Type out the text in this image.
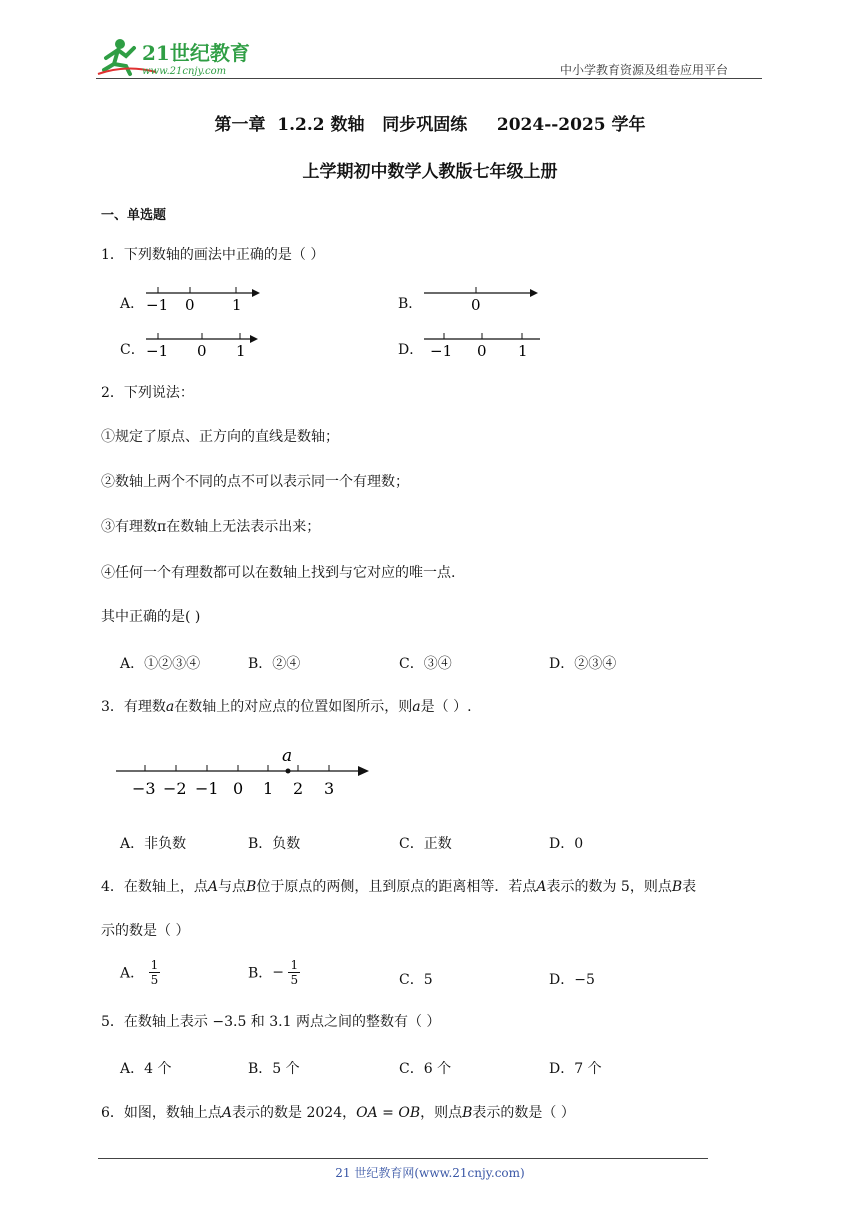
21世纪教育
www.21cnjy.com	中小学教育资源及组卷应用平台
第一章  1.2.2 数轴   同步巩固练     2024--2025 学年
上学期初中数学人教版七年级上册
一、单选题
1．下列数轴的画法中正确的是（ ）
A． −1 0 1	B．	0
C． −1 0 1	D． −1 0 1
2．下列说法：
①规定了原点、正方向的直线是数轴；
②数轴上两个不同的点不可以表示同一个有理数；
③有理数π在数轴上无法表示出来；
④任何一个有理数都可以在数轴上找到与它对应的唯一点.
其中正确的是( )
A．①②③④	B．②④	C．③④	D．②③④
3．有理数a在数轴上的对应点的位置如图所示，则a是（ ）.
a
−3 −2 −1 0 1 2 3
A．非负数	B．负数	C．正数	D．0
4．在数轴上，点A与点B位于原点的两侧，且到原点的距离相等．若点A表示的数为 5，则点B表
示的数是（ ）
A． $\frac{1}{5}$	B．− $\frac{1}{5}$	C．5	D．−5
5．在数轴上表示 −3.5 和 3.1 两点之间的整数有（ ）
A．4 个	B．5 个	C．6 个	D．7 个
6．如图，数轴上点A表示的数是 2024，OA = OB，则点B表示的数是（ ）
21 世纪教育网(www.21cnjy.com)
